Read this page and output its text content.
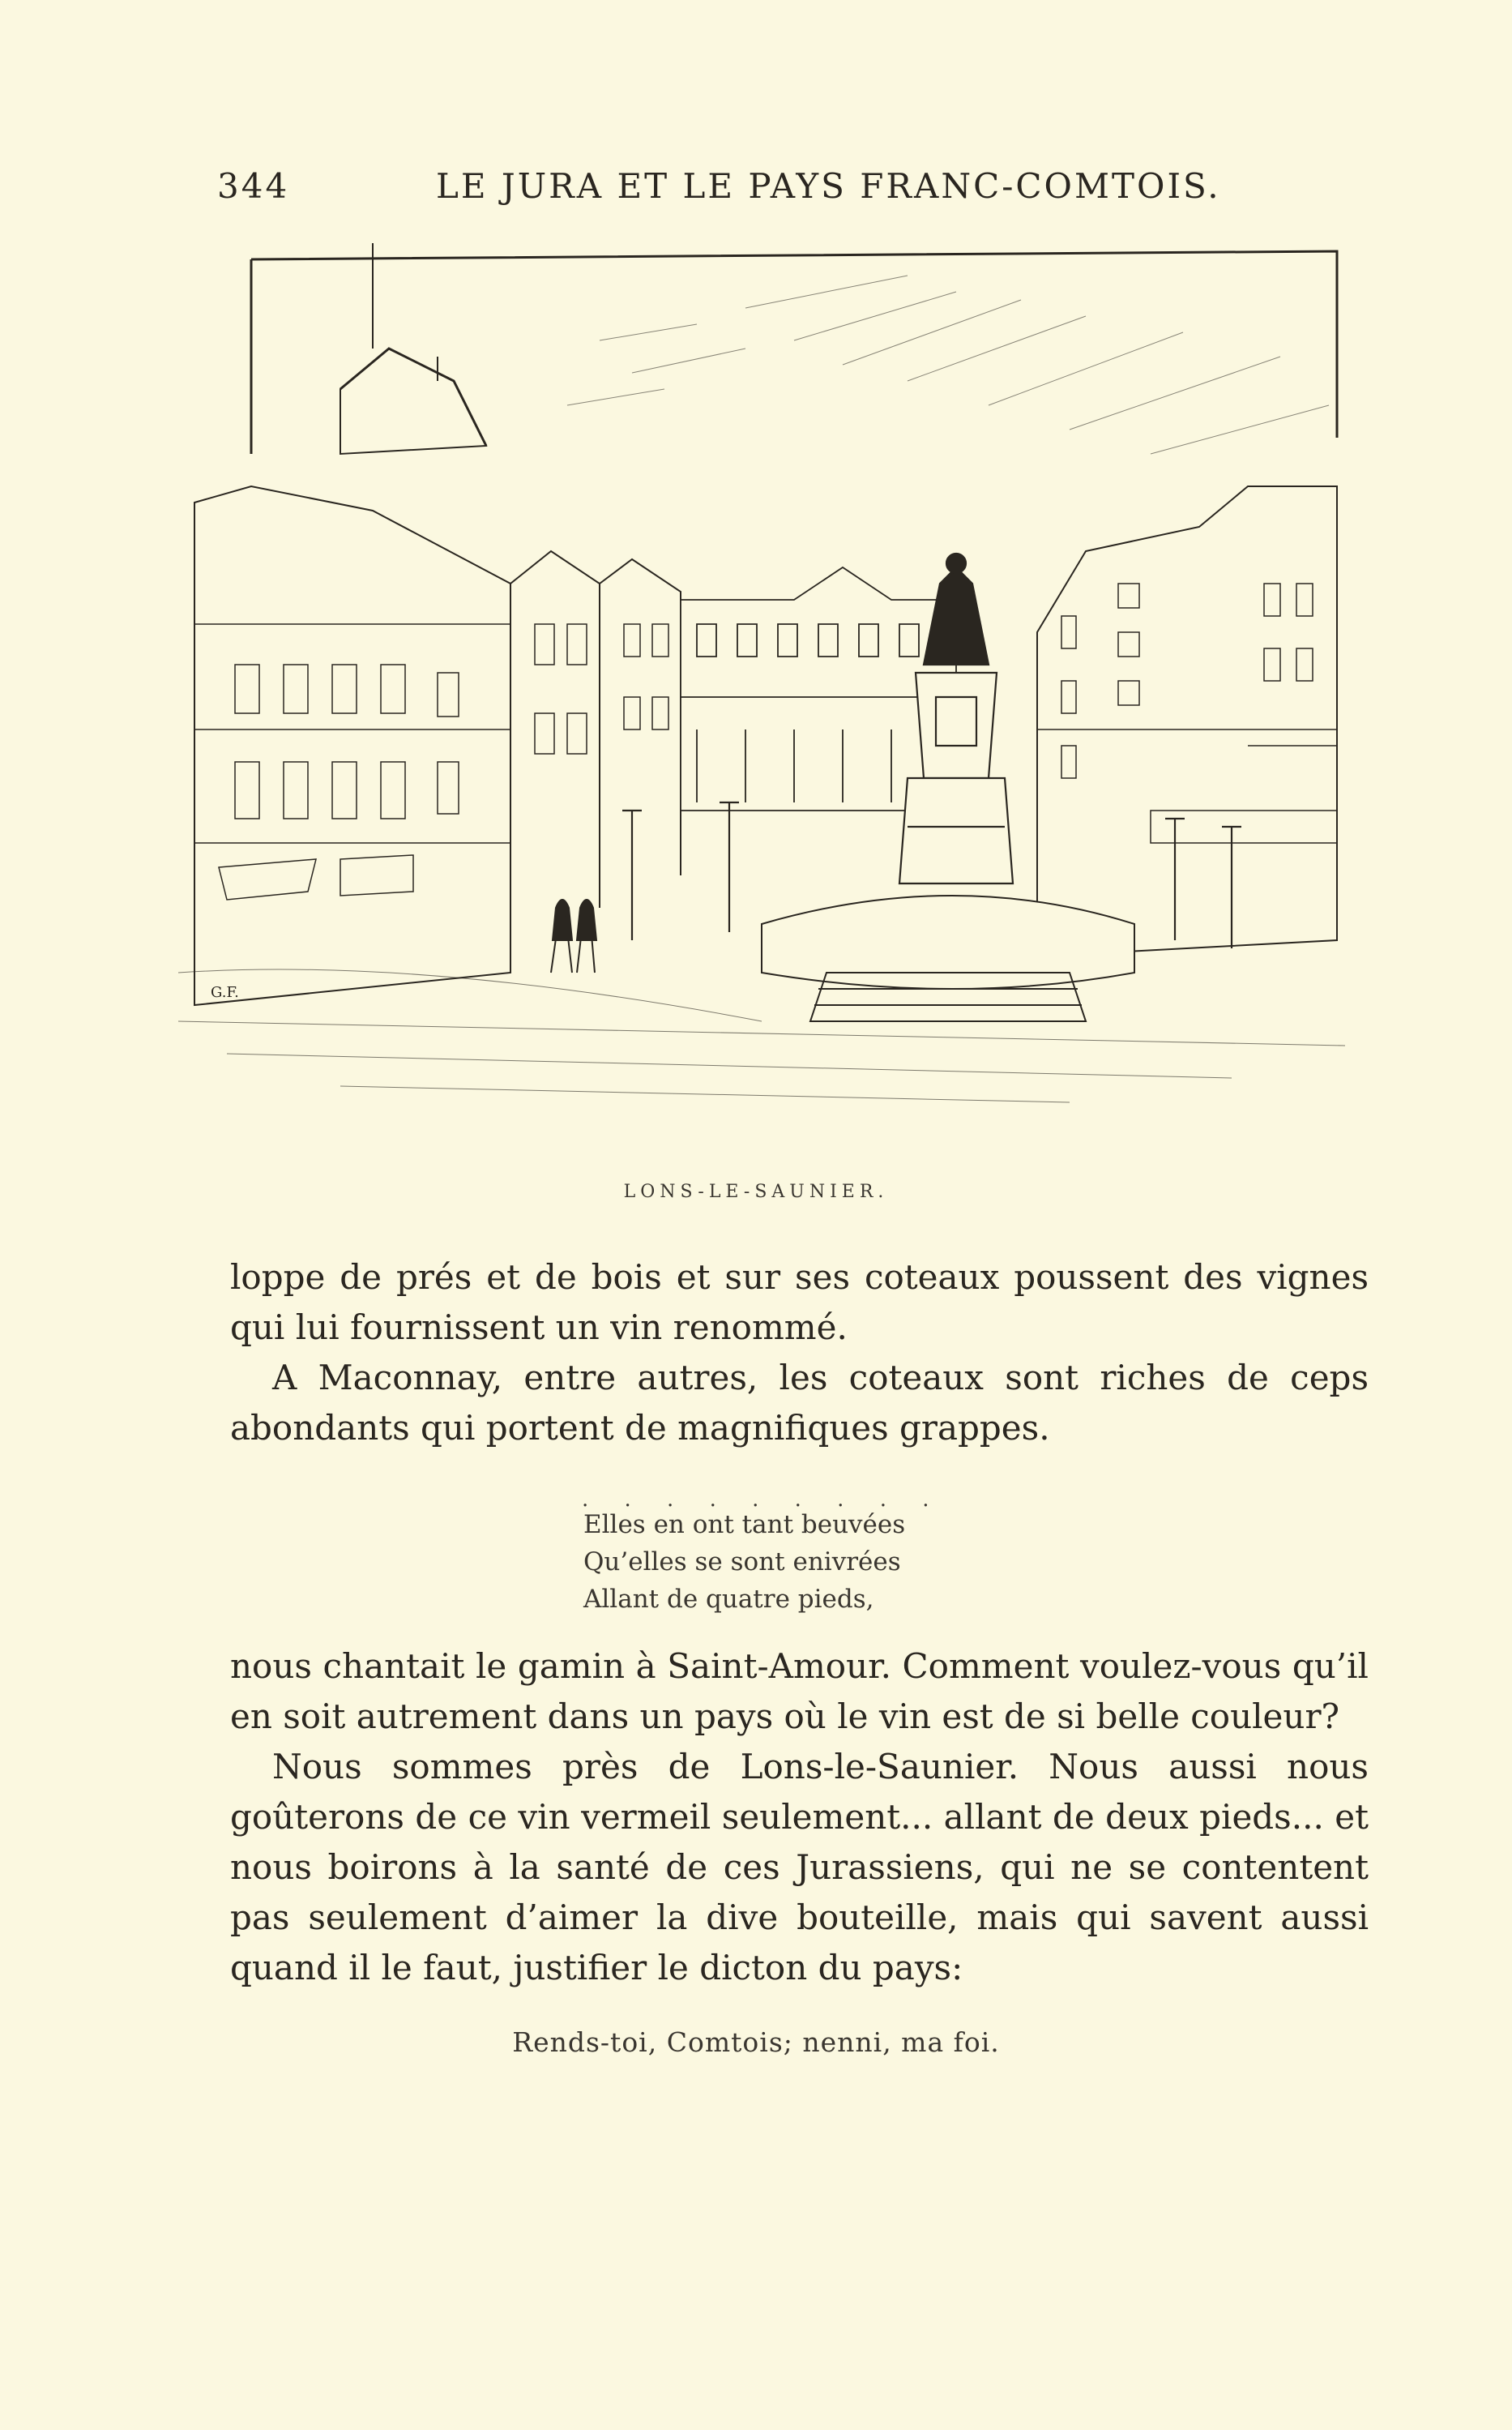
344	LE JURA ET LE PAYS FRANC-COMTOIS.
G.F.
LONS-LE-SAUNIER.

loppe de prés et de bois et sur ses coteaux poussent des vignes qui lui fournissent un vin renommé.

A Maconnay, entre autres, les coteaux sont riches de ceps abondants qui portent de magnifiques grappes.

. . . . . . . . .
Elles en ont tant beuvées
Qu’elles se sont enivrées
Allant de quatre pieds,

nous chantait le gamin à Saint-Amour. Comment voulez-vous qu’il en soit autrement dans un pays où le vin est de si belle couleur?

Nous sommes près de Lons-le-Saunier. Nous aussi nous goûterons de ce vin vermeil seulement... allant de deux pieds... et nous boirons à la santé de ces Jurassiens, qui ne se contentent pas seulement d’aimer la dive bouteille, mais qui savent aussi quand il le faut, justifier le dicton du pays:

Rends-toi, Comtois; nenni, ma foi.
